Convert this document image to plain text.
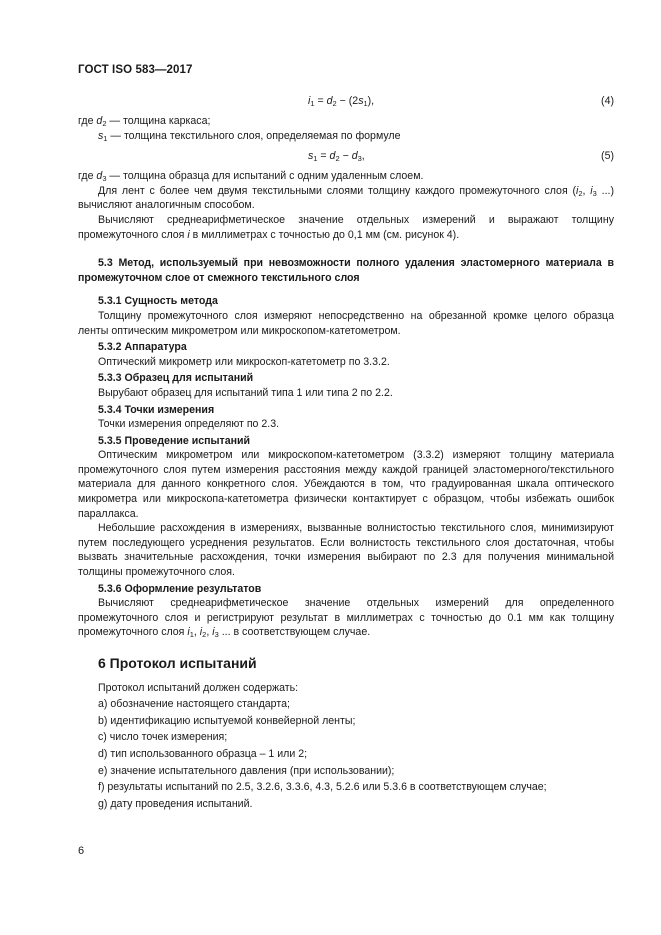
ГОСТ ISO 583—2017
$i_1 = d_2 - (2s_1)$,	(4)

где $d_2$ — толщина каркаса;

$s_1$ — толщина текстильного слоя, определяемая по формуле

$s_1 = d_2 - d_3$,	(5)

где $d_3$ — толщина образца для испытаний с одним удаленным слоем.

Для лент с более чем двумя текстильными слоями толщину каждого промежуточного слоя ($i_2$, $i_3$ ...) вычисляют аналогичным способом.

Вычисляют среднеарифметическое значение отдельных измерений и выражают толщину промежуточного слоя i в миллиметрах с точностью до 0,1 мм (см. рисунок 4).

5.3 Метод, используемый при невозможности полного удаления эластомерного материала в промежуточном слое от смежного текстильного слоя

5.3.1 Сущность метода

Толщину промежуточного слоя измеряют непосредственно на обрезанной кромке целого образца ленты оптическим микрометром или микроскопом-катетометром.

5.3.2 Аппаратура

Оптический микрометр или микроскоп-катетометр по 3.3.2.

5.3.3 Образец для испытаний

Вырубают образец для испытаний типа 1 или типа 2 по 2.2.

5.3.4 Точки измерения

Точки измерения определяют по 2.3.

5.3.5 Проведение испытаний

Оптическим микрометром или микроскопом-катетометром (3.3.2) измеряют толщину материала промежуточного слоя путем измерения расстояния между каждой границей эластомерного/текстильного материала для данного конкретного слоя. Убеждаются в том, что градуированная шкала оптического микрометра или микроскопа-катетометра физически контактирует с образцом, чтобы избежать ошибок параллакса.

Небольшие расхождения в измерениях, вызванные волнистостью текстильного слоя, минимизируют путем последующего усреднения результатов. Если волнистость текстильного слоя достаточная, чтобы вызвать значительные расхождения, точки измерения выбирают по 2.3 для получения минимальной толщины промежуточного слоя.

5.3.6 Оформление результатов

Вычисляют среднеарифметическое значение отдельных измерений для определенного промежуточного слоя и регистрируют результат в миллиметрах с точностью до 0.1 мм как толщину промежуточного слоя $i_1$, $i_2$, $i_3$ ... в соответствующем случае.

6 Протокол испытаний

Протокол испытаний должен содержать:

a) обозначение настоящего стандарта;

b) идентификацию испытуемой конвейерной ленты;

c) число точек измерения;

d) тип использованного образца – 1 или 2;

e) значение испытательного давления (при использовании);

f) результаты испытаний по 2.5, 3.2.6, 3.3.6, 4.3, 5.2.6 или 5.3.6 в соответствующем случае;

g) дату проведения испытаний.

6
